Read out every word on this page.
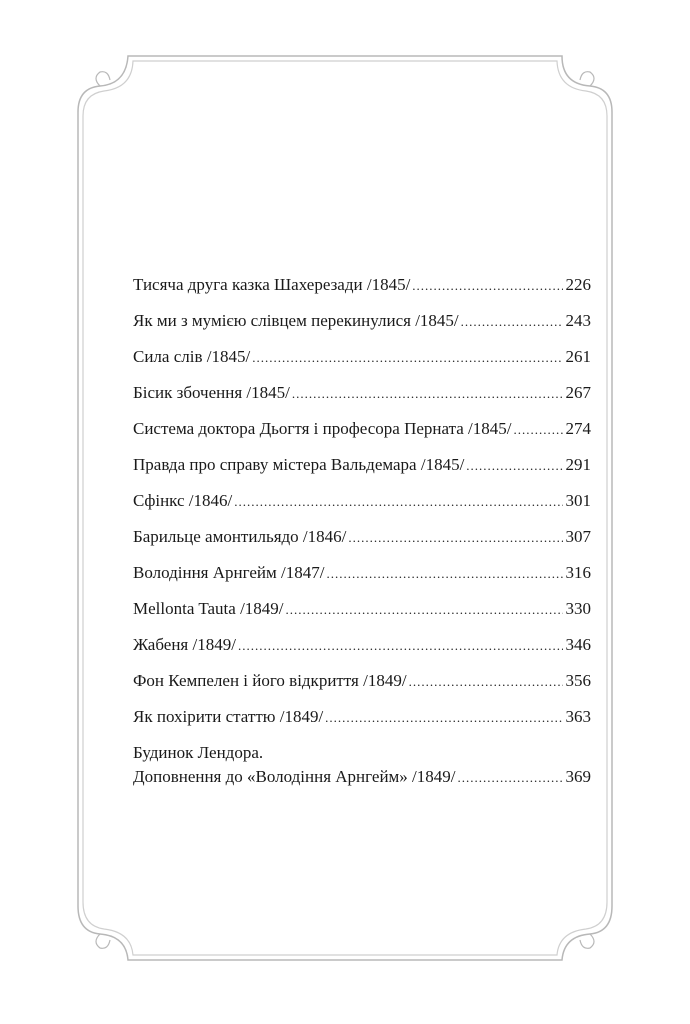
Тисяча друга казка Шахерезади /1845/ .....	226
Як ми з мумією слівцем перекинулися /1845/ .....	243
Сила слів /1845/ .....	261
Бісик збочення /1845/ .....	267
Система доктора Дьогтя і професора Перната /1845/ .....	274
Правда про справу містера Вальдемара /1845/ .....	291
Сфінкс /1846/ .....	301
Барильце амонтильядо /1846/ .....	307
Володіння Арнгейм /1847/ .....	316
Mellonta Tauta /1849/ .....	330
Жабеня /1849/ .....	346
Фон Кемпелен і його відкриття /1849/ .....	356
Як похірити статтю /1849/ .....	363
Будинок Лендора.
Доповнення до «Володіння Арнгейм» /1849/ .....	369
